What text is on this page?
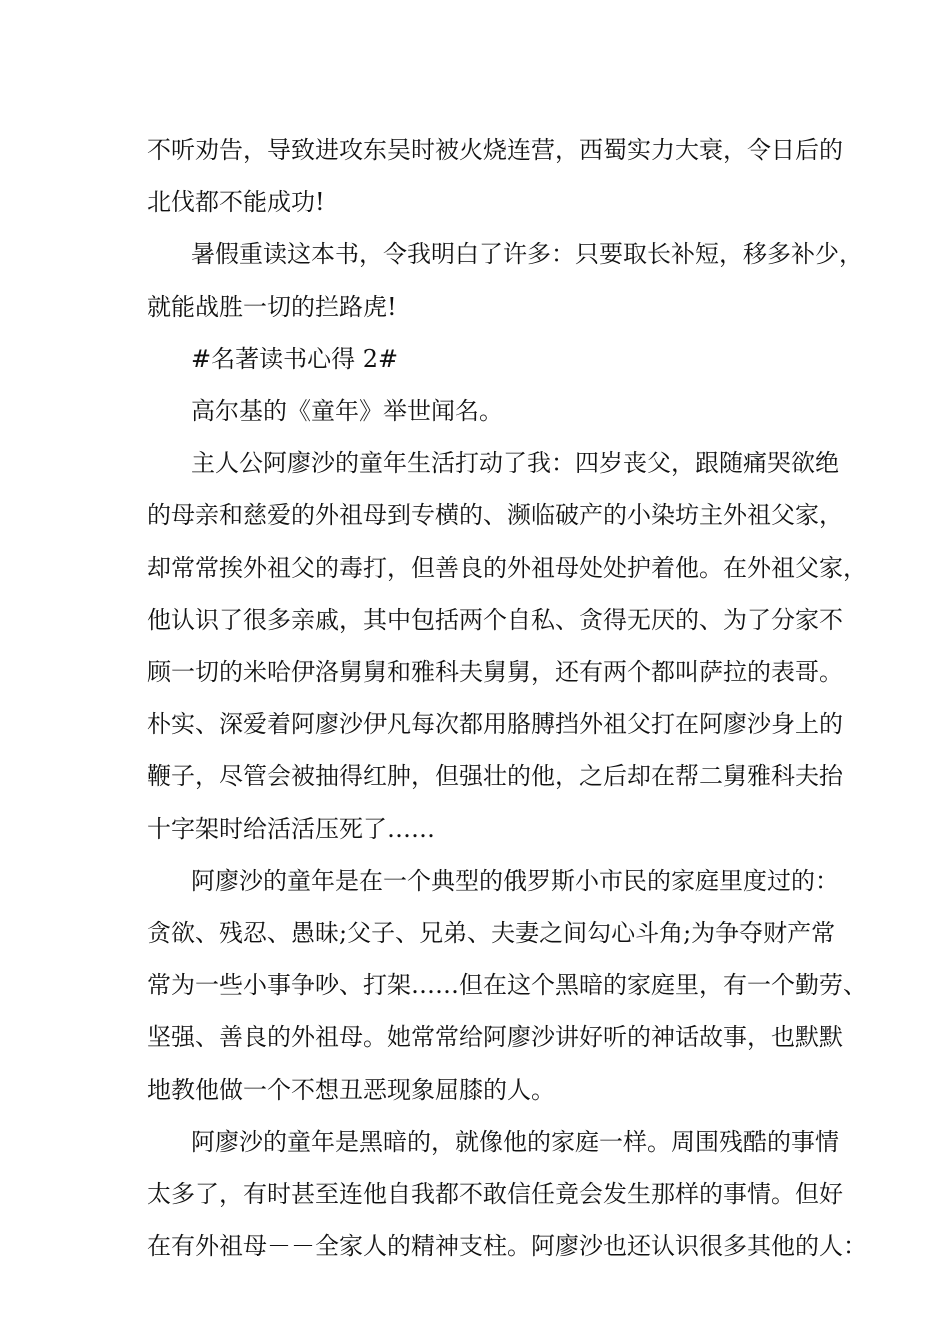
不听劝告，导致进攻东吴时被火烧连营，西蜀实力大衰，令日后的
北伐都不能成功!
暑假重读这本书，令我明白了许多：只要取长补短，移多补少，
就能战胜一切的拦路虎!
#名著读书心得 2#
高尔基的《童年》举世闻名。
主人公阿廖沙的童年生活打动了我：四岁丧父，跟随痛哭欲绝
的母亲和慈爱的外祖母到专横的、濒临破产的小染坊主外祖父家，
却常常挨外祖父的毒打，但善良的外祖母处处护着他。在外祖父家，
他认识了很多亲戚，其中包括两个自私、贪得无厌的、为了分家不
顾一切的米哈伊洛舅舅和雅科夫舅舅，还有两个都叫萨拉的表哥。
朴实、深爱着阿廖沙伊凡每次都用胳膊挡外祖父打在阿廖沙身上的
鞭子，尽管会被抽得红肿，但强壮的他，之后却在帮二舅雅科夫抬
十字架时给活活压死了……
阿廖沙的童年是在一个典型的俄罗斯小市民的家庭里度过的：
贪欲、残忍、愚昧;父子、兄弟、夫妻之间勾心斗角;为争夺财产常
常为一些小事争吵、打架……但在这个黑暗的家庭里，有一个勤劳、
坚强、善良的外祖母。她常常给阿廖沙讲好听的神话故事，也默默
地教他做一个不想丑恶现象屈膝的人。
阿廖沙的童年是黑暗的，就像他的家庭一样。周围残酷的事情
太多了，有时甚至连他自我都不敢信任竟会发生那样的事情。但好
在有外祖母－－全家人的精神支柱。阿廖沙也还认识很多其他的人：
